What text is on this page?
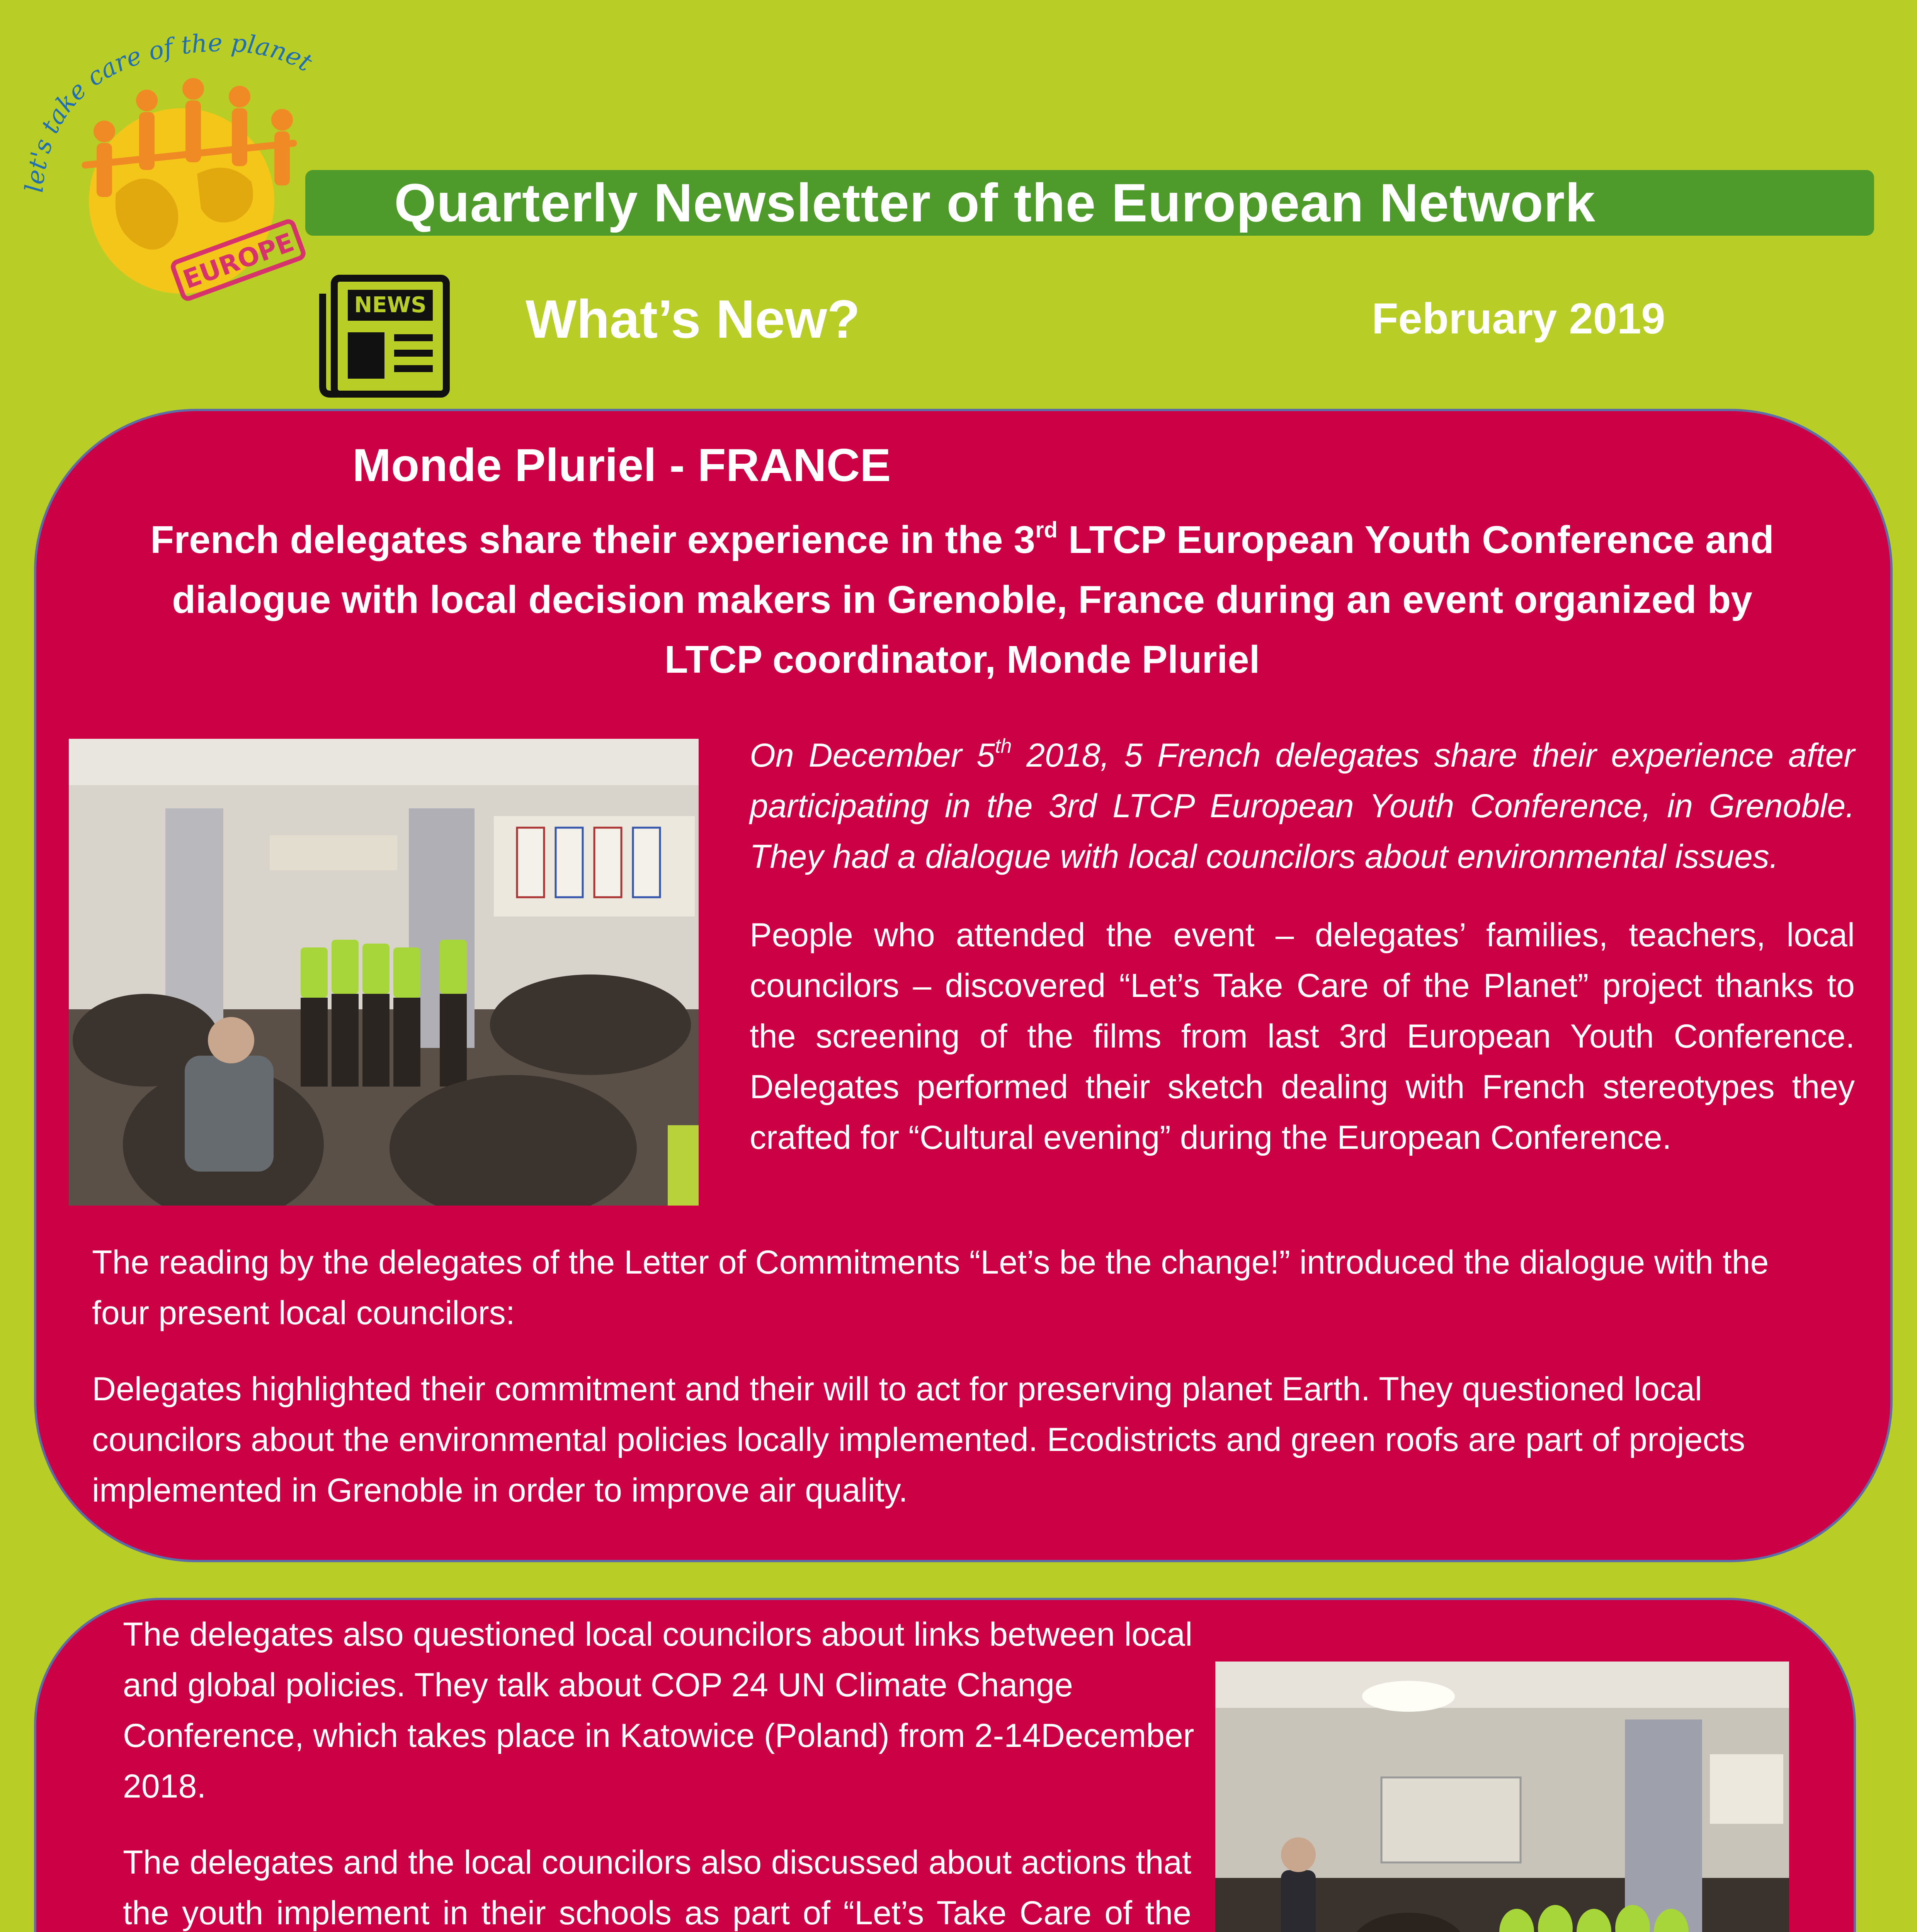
let's take care of the planet
EUROPE
Quarterly Newsletter of the European Network
NEWS What’s New?	February 2019
Monde Pluriel - FRANCE
French delegates share their experience in the 3rd LTCP European Youth Conference and dialogue with local decision makers in Grenoble, France during an event organized by LTCP coordinator, Monde Pluriel
On December 5th 2018, 5 French delegates share their experience after participating in the 3rd LTCP European Youth Conference, in Grenoble. They had a dialogue with local councilors about environmental issues.
People who attended the event – delegates’ families, teachers, local councilors – discovered “Let’s Take Care of the Planet” project thanks to the screening of the films from last 3rd European Youth Conference. Delegates performed their sketch dealing with French stereotypes they crafted for “Cultural evening” during the European Conference.
The reading by the delegates of the Letter of Commitments “Let’s be the change!” introduced the dialogue with the four present local councilors:
Delegates highlighted their commitment and their will to act for preserving planet Earth. They questioned local councilors about the environmental policies locally implemented. Ecodistricts and green roofs are part of projects implemented in Grenoble in order to improve air quality.
The delegates also questioned local councilors about links between local and global policies. They talk about COP 24 UN Climate Change Conference, which takes place in Katowice (Poland) from 2-14December 2018.
The delegates and the local councilors also discussed about actions that the youth implement in their schools as part of “Let’s Take Care of the
